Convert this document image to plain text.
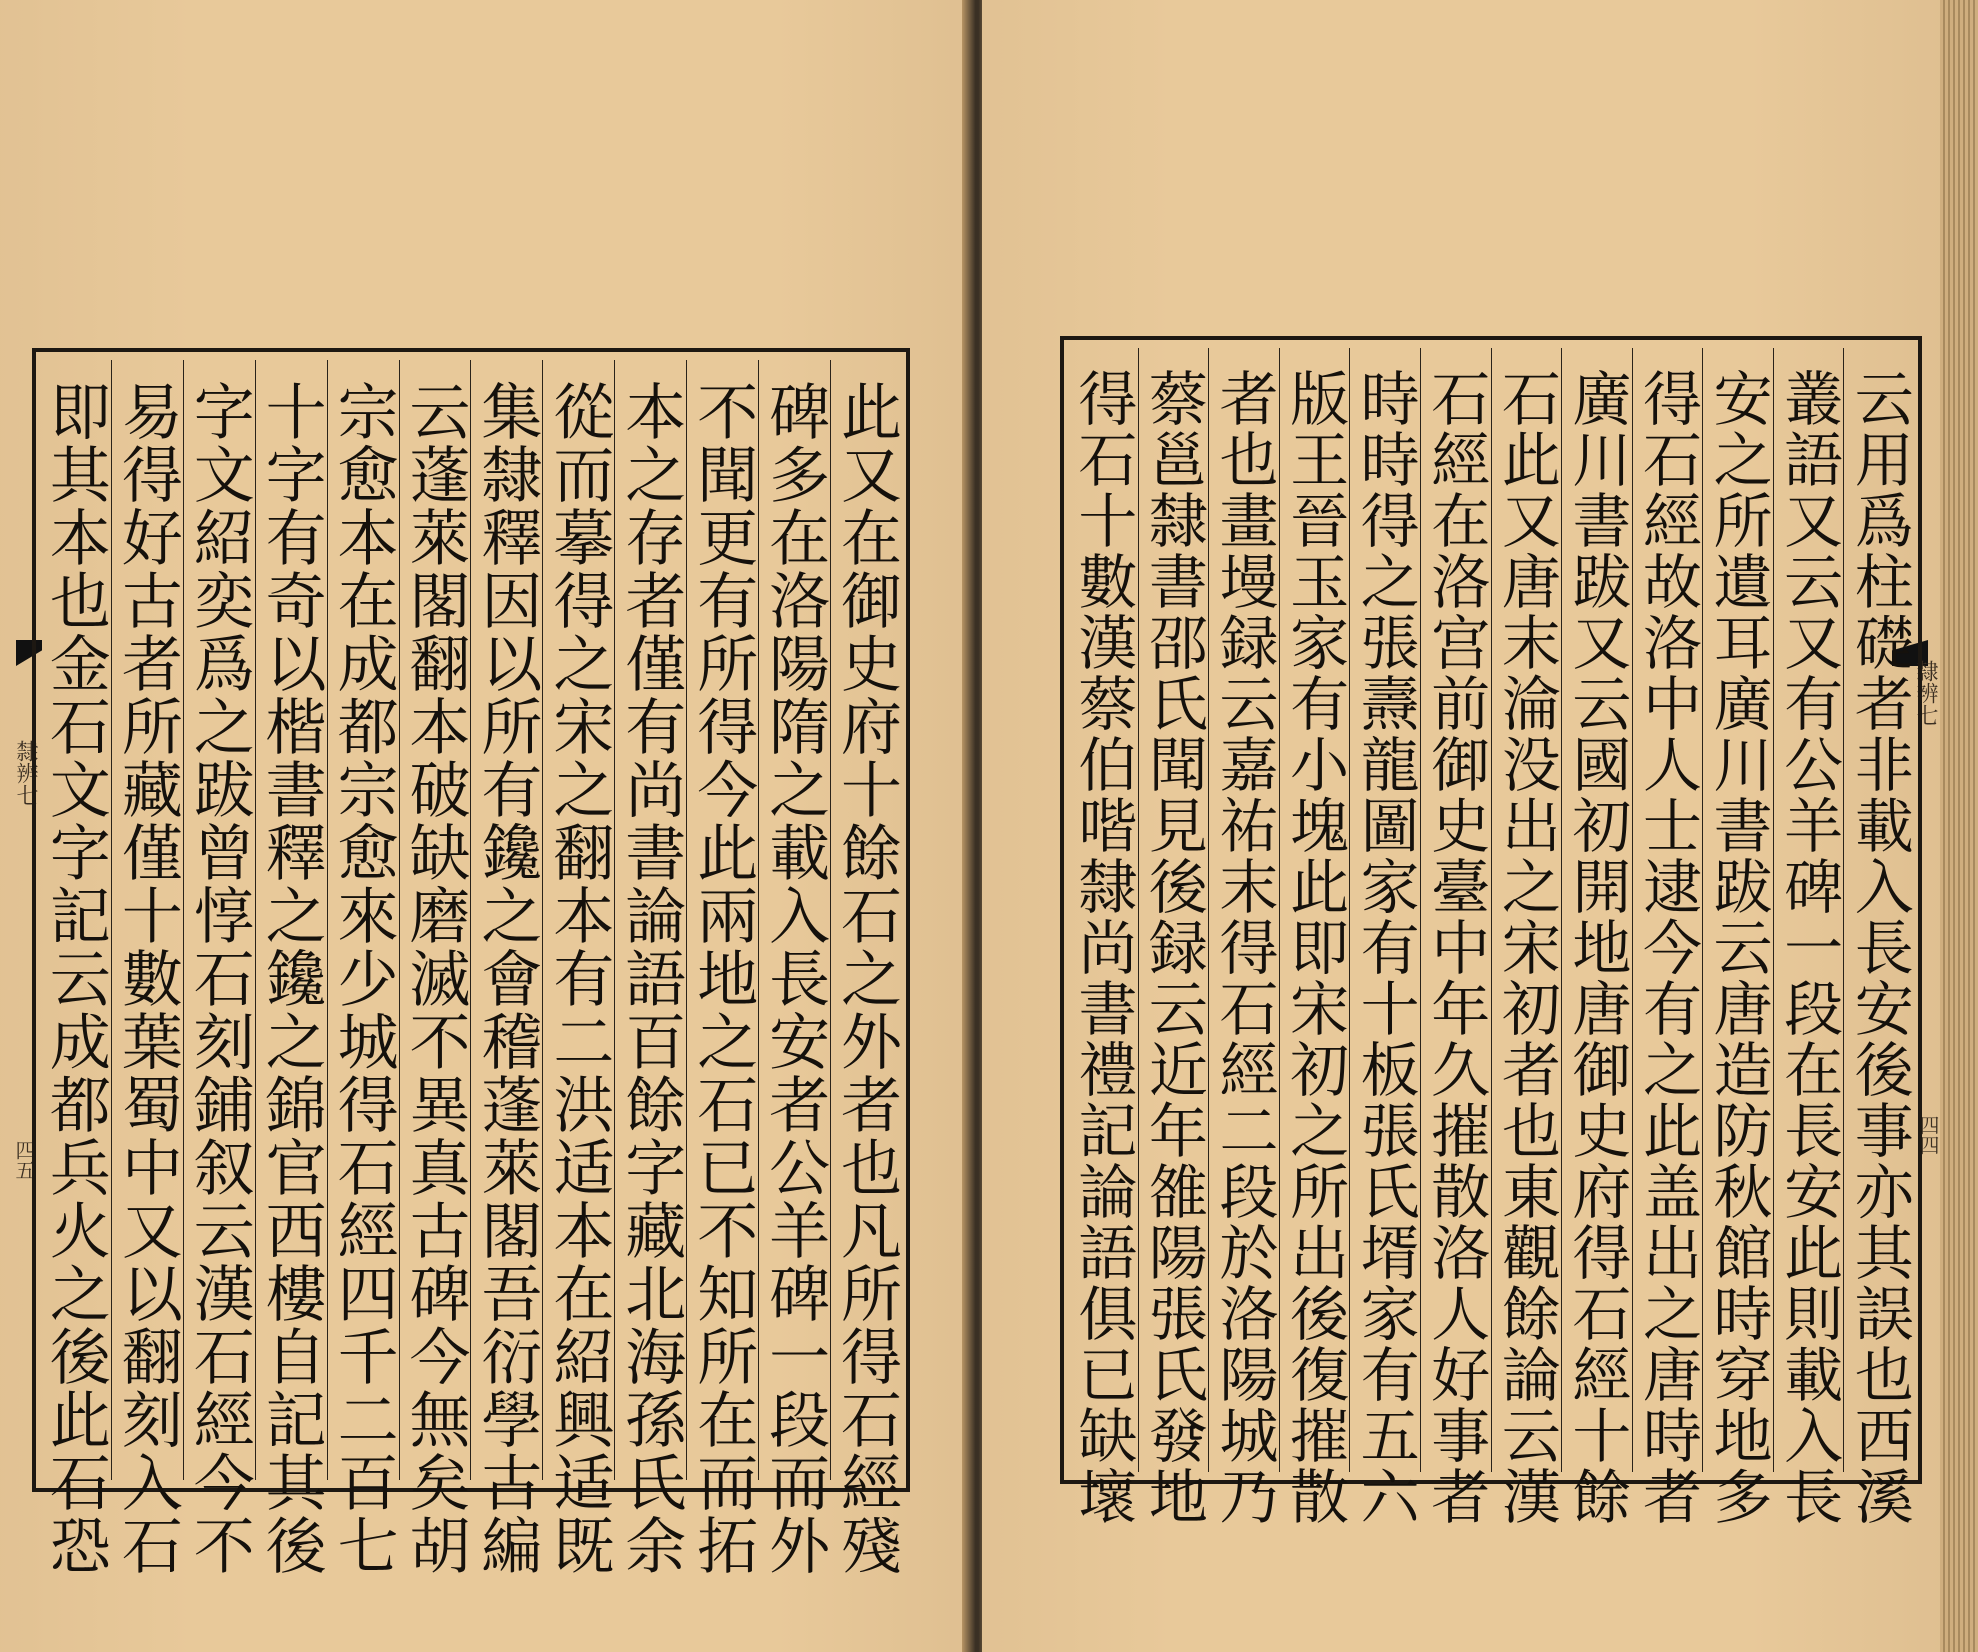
隸辨七
四五	此又在御史府十餘石之外者也凡所得石經殘
碑多在洛陽隋之載入長安者公羊碑一段而外
不聞更有所得今此兩地之石已不知所在而拓
本之存者僅有尚書論語百餘字藏北海孫氏余
從而摹得之宋之翻本有二洪适本在紹興适既
集隸釋因以所有鑱之會稽蓬萊閣吾衍學古編
云蓬萊閣翻本破缺磨滅不異真古碑今無矣胡
宗愈本在成都宗愈來少城得石經四千二百七
十字有奇以楷書釋之鑱之錦官西樓自記其後
字文紹奕爲之跋曾惇石刻鋪叙云漢石經今不
易得好古者所藏僅十數葉蜀中又以翻刻入石
即其本也金石文字記云成都兵火之後此石恐	隸辨七
四四
云用爲柱礎者非載入長安後事亦其誤也西溪
叢語又云又有公羊碑一段在長安此則載入長
安之所遺耳廣川書跋云唐造防秋館時穿地多
得石經故洛中人士逮今有之此盖出之唐時者
廣川書跋又云國初開地唐御史府得石經十餘
石此又唐末淪没出之宋初者也東觀餘論云漢
石經在洛宫前御史臺中年久摧散洛人好事者
時時得之張燾龍圖家有十板張氏壻家有五六
版王晉玉家有小塊此即宋初之所出後復摧散
者也畫墁録云嘉祐末得石經二段於洛陽城乃
蔡邕隸書邵氏聞見後録云近年雒陽張氏發地
得石十數漢蔡伯喈隸尚書禮記論語俱已缺壞
